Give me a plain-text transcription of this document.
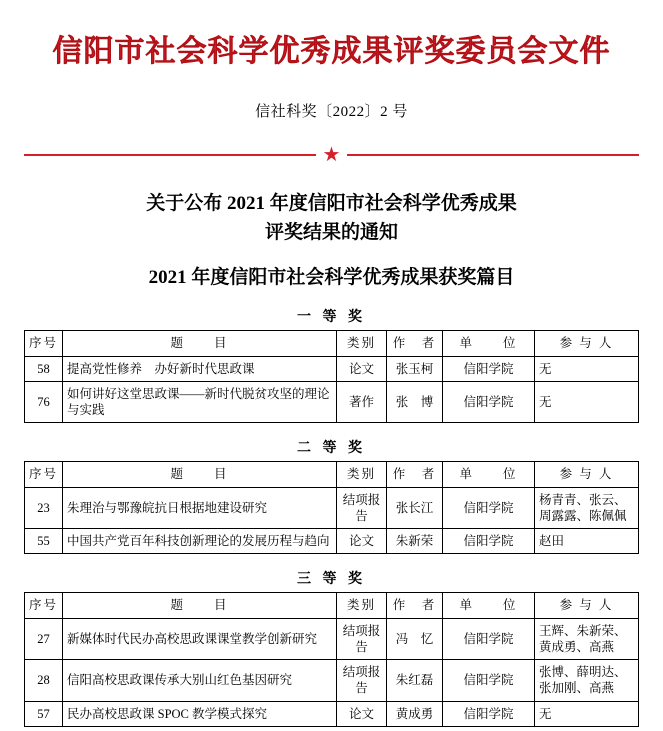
信阳市社会科学优秀成果评奖委员会文件
信社科奖〔2022〕2 号
★
关于公布 2021 年度信阳市社会科学优秀成果
评奖结果的通知
2021 年度信阳市社会科学优秀成果获奖篇目
一 等 奖
序号	题　　目	类别	作　者	单　　位	参 与 人
58	提高党性修养　办好新时代思政课	论文	张玉柯	信阳学院	无
76	如何讲好这堂思政课——新时代脱贫攻坚的理论与实践	著作	张　博	信阳学院	无
二 等 奖
序号	题　　目	类别	作　者	单　　位	参 与 人
23	朱理治与鄂豫皖抗日根据地建设研究	结项报告	张长江	信阳学院	杨青青、张云、周露露、陈佩佩
55	中国共产党百年科技创新理论的发展历程与趋向	论文	朱新荣	信阳学院	赵田
三 等 奖
序号	题　　目	类别	作　者	单　　位	参 与 人
27	新媒体时代民办高校思政课课堂教学创新研究	结项报告	冯　忆	信阳学院	王辉、朱新荣、黄成勇、高燕
28	信阳高校思政课传承大别山红色基因研究	结项报告	朱红磊	信阳学院	张博、薛明达、张加刚、高燕
57	民办高校思政课 SPOC 教学模式探究	论文	黄成勇	信阳学院	无
